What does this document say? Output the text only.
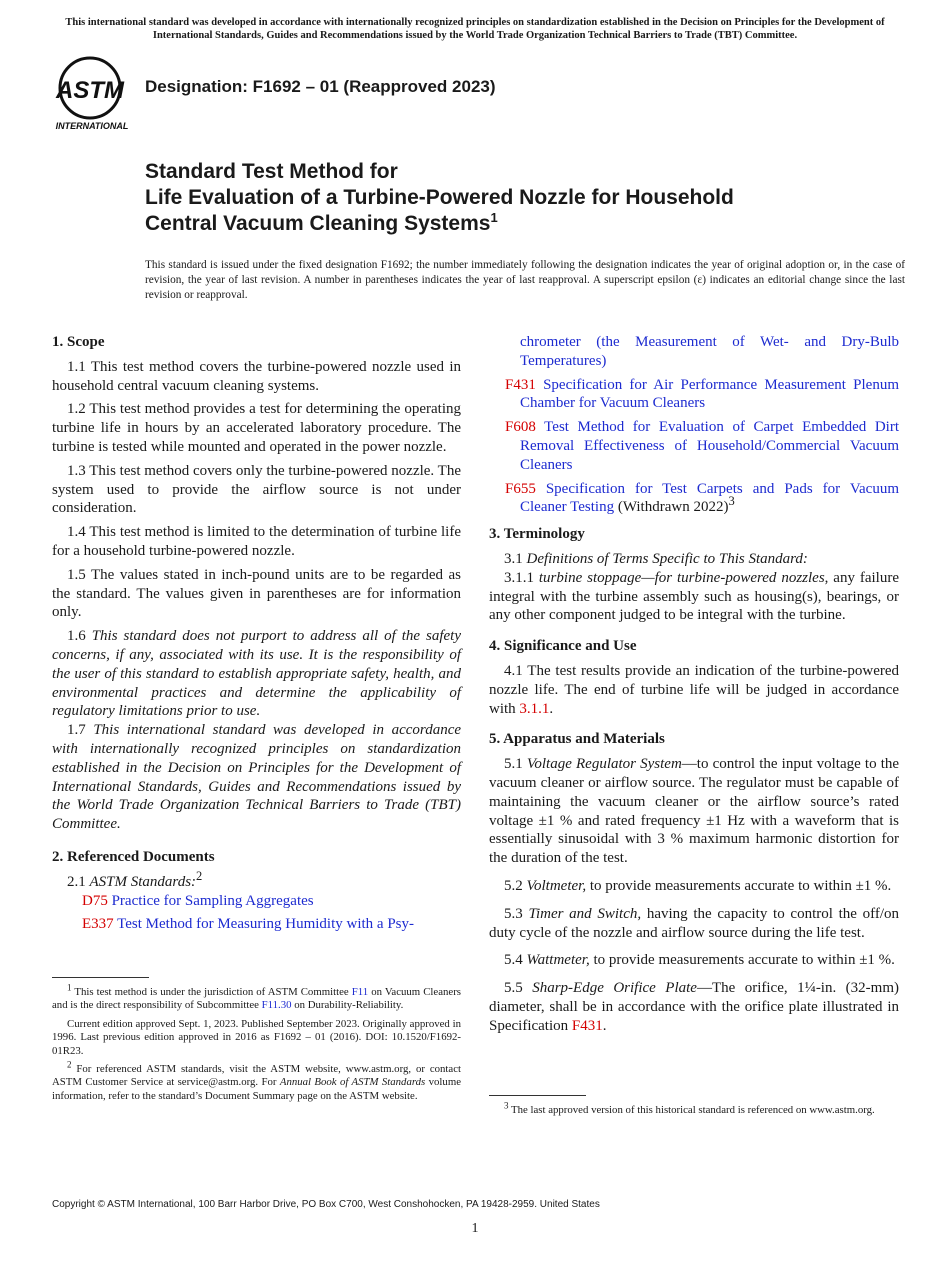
This international standard was developed in accordance with internationally recognized principles on standardization established in the Decision on Principles for the Development of International Standards, Guides and Recommendations issued by the World Trade Organization Technical Barriers to Trade (TBT) Committee.
ASTM
INTERNATIONAL
Designation: F1692 – 01 (Reapproved 2023)
Standard Test Method for
Life Evaluation of a Turbine-Powered Nozzle for Household
Central Vacuum Cleaning Systems$^1$
This standard is issued under the fixed designation F1692; the number immediately following the designation indicates the year of original adoption or, in the case of revision, the year of last revision. A number in parentheses indicates the year of last reapproval. A superscript epsilon (ε) indicates an editorial change since the last revision or reapproval.
1. Scope

1.1 This test method covers the turbine-powered nozzle used in household central vacuum cleaning systems.

1.2 This test method provides a test for determining the operating turbine life in hours by an accelerated laboratory procedure. The turbine is tested while mounted and operated in the power nozzle.

1.3 This test method covers only the turbine-powered nozzle. The system used to provide the airflow source is not under consideration.

1.4 This test method is limited to the determination of turbine life for a household turbine-powered nozzle.

1.5 The values stated in inch-pound units are to be regarded as the standard. The values given in parentheses are for information only.

1.6 This standard does not purport to address all of the safety concerns, if any, associated with its use. It is the responsibility of the user of this standard to establish appropriate safety, health, and environmental practices and determine the applicability of regulatory limitations prior to use.

1.7 This international standard was developed in accordance with internationally recognized principles on standardization established in the Decision on Principles for the Development of International Standards, Guides and Recommendations issued by the World Trade Organization Technical Barriers to Trade (TBT) Committee.

2. Referenced Documents

2.1 ASTM Standards:$^2$

D75 Practice for Sampling Aggregates

E337 Test Method for Measuring Humidity with a Psy-

$^1$ This test method is under the jurisdiction of ASTM Committee F11 on Vacuum Cleaners and is the direct responsibility of Subcommittee F11.30 on Durability-Reliability.

Current edition approved Sept. 1, 2023. Published September 2023. Originally approved in 1996. Last previous edition approved in 2016 as F1692 – 01 (2016). DOI: 10.1520/F1692-01R23.

$^2$ For referenced ASTM standards, visit the ASTM website, www.astm.org, or contact ASTM Customer Service at service@astm.org. For Annual Book of ASTM Standards volume information, refer to the standard’s Document Summary page on the ASTM website.

chrometer (the Measurement of Wet- and Dry-Bulb Temperatures)

F431 Specification for Air Performance Measurement Plenum Chamber for Vacuum Cleaners

F608 Test Method for Evaluation of Carpet Embedded Dirt Removal Effectiveness of Household/Commercial Vacuum Cleaners

F655 Specification for Test Carpets and Pads for Vacuum Cleaner Testing (Withdrawn 2022)$^3$

3. Terminology

3.1 Definitions of Terms Specific to This Standard:

3.1.1 turbine stoppage—for turbine-powered nozzles, any failure integral with the turbine assembly such as housing(s), bearings, or any other component judged to be integral with the turbine.

4. Significance and Use

4.1 The test results provide an indication of the turbine-powered nozzle life. The end of turbine life will be judged in accordance with 3.1.1.

5. Apparatus and Materials

5.1 Voltage Regulator System—to control the input voltage to the vacuum cleaner or airflow source. The regulator must be capable of maintaining the vacuum cleaner or the airflow source’s rated voltage ±1 % and rated frequency ±1 Hz with a waveform that is essentially sinusoidal with 3 % maximum harmonic distortion for the duration of the test.

5.2 Voltmeter, to provide measurements accurate to within ±1 %.

5.3 Timer and Switch, having the capacity to control the off/on duty cycle of the nozzle and airflow source during the life test.

5.4 Wattmeter, to provide measurements accurate to within ±1 %.

5.5 Sharp-Edge Orifice Plate—The orifice, 1¼-in. (32-mm) diameter, shall be in accordance with the orifice plate illustrated in Specification F431.

$^3$ The last approved version of this historical standard is referenced on www.astm.org.

Copyright © ASTM International, 100 Barr Harbor Drive, PO Box C700, West Conshohocken, PA 19428-2959. United States
1
